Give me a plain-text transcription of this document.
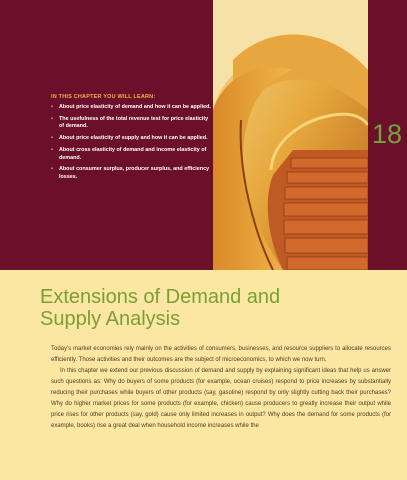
IN THIS CHAPTER YOU WILL LEARN:

• About price elasticity of demand and how it can be applied.
• The usefulness of the total revenue test for price elasticity of demand.
• About price elasticity of supply and how it can be applied.
• About cross elasticity of demand and income elasticity of demand.
• About consumer surplus, producer surplus, and efficiency losses.
18
Extensions of Demand and
Supply Analysis

Today’s market economies rely mainly on the activities of consumers, businesses, and resource suppliers to allocate resources efficiently. Those activities and their outcomes are the subject of microeconomics, to which we now turn.

In this chapter we extend our previous discussion of demand and supply by explaining significant ideas that help us answer such questions as: Why do buyers of some products (for example, ocean cruises) respond to price increases by substantially reducing their purchases while buyers of other products (say, gasoline) respond by only slightly cutting back their purchases? Why do higher market prices for some products (for example, chicken) cause producers to greatly increase their output while price rises for other products (say, gold) cause only limited increases in output? Why does the demand for some products (for example, books) rise a great deal when household income increases while the
